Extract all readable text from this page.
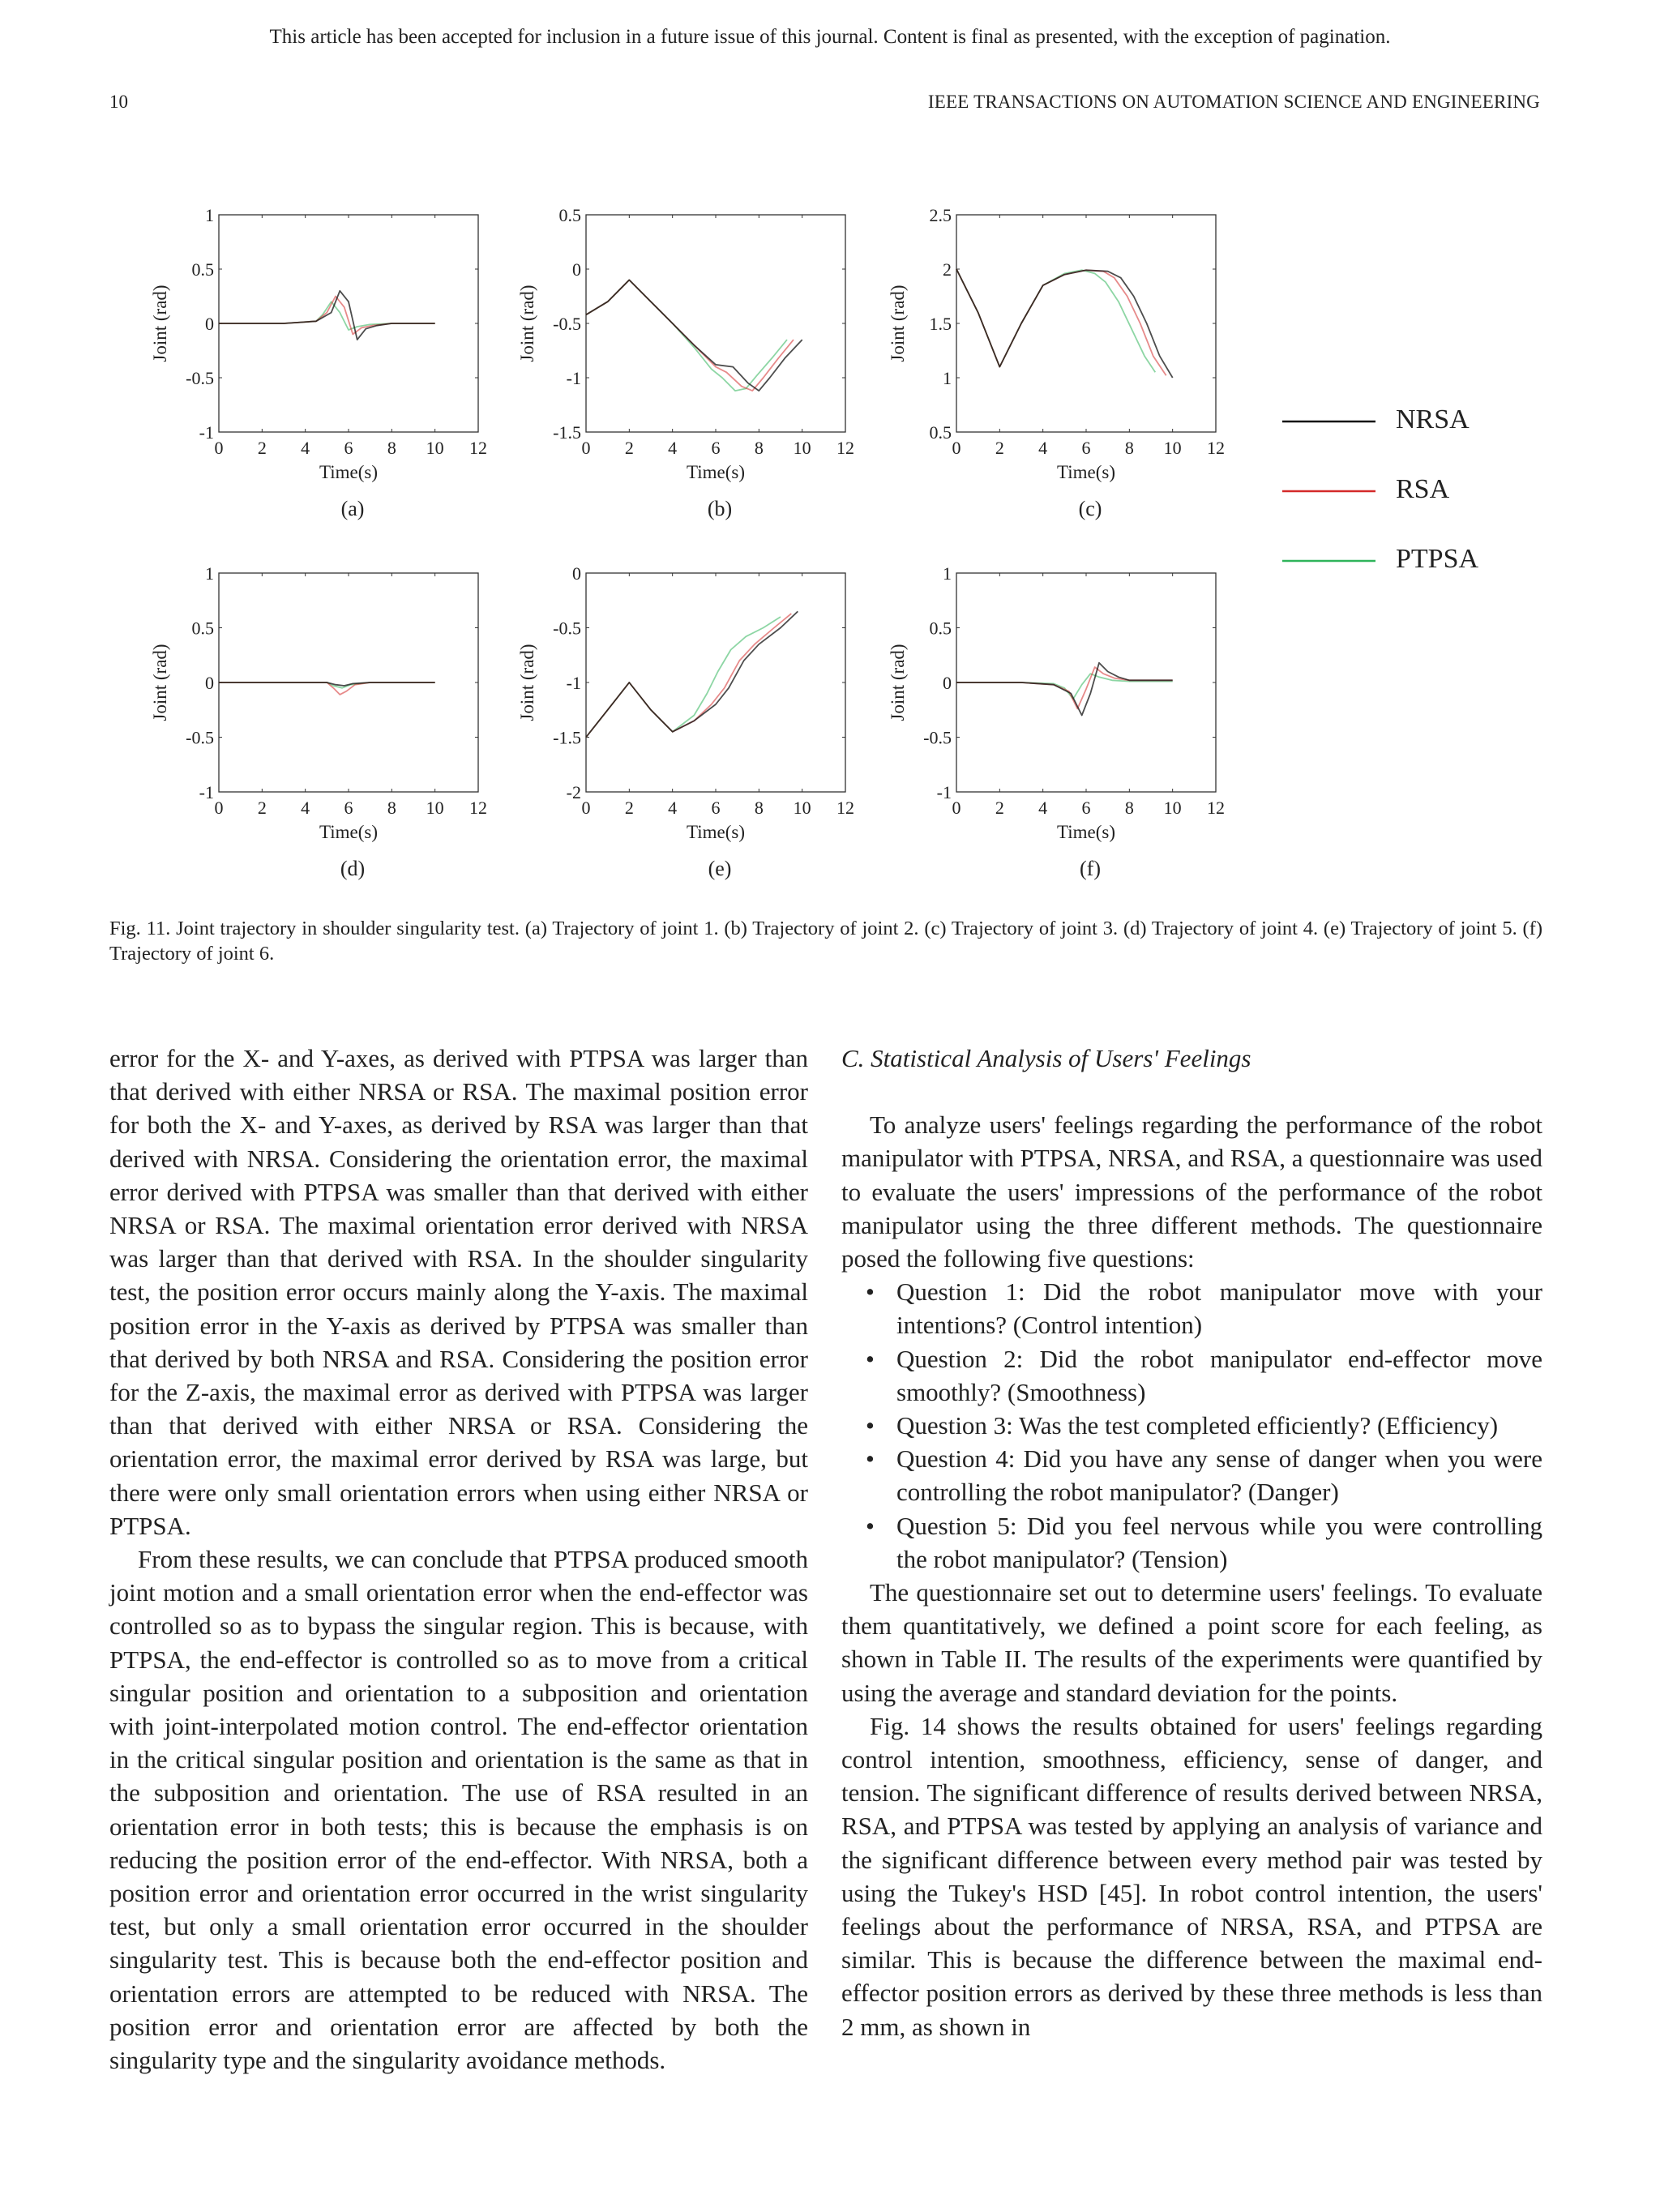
This article has been accepted for inclusion in a future issue of this journal. Content is final as presented, with the exception of pagination.
10	IEEE TRANSACTIONS ON AUTOMATION SCIENCE AND ENGINEERING
0 2 4 6 8 10 12
-1
-0.5
0
0.5
1
Time(s)
Joint (rad)
(a)
0 2 4 6 8 10 12
-1.5
-1
-0.5
0
0.5
Time(s)
Joint (rad)
(b)
0 2 4 6 8 10 12
0.5
1
1.5
2
2.5
Time(s)
Joint (rad)
(c)
0 2 4 6 8 10 12
-1
-0.5
0
0.5
1
Time(s)
Joint (rad)
(d)
0 2 4 6 8 10 12
-2
-1.5
-1
-0.5
0
Time(s)
Joint (rad)
(e)
0 2 4 6 8 10 12
-1
-0.5
0
0.5
1
Time(s)
Joint (rad)
(f)
NRSA
RSA
PTPSA
Fig. 11. Joint trajectory in shoulder singularity test. (a) Trajectory of joint 1. (b) Trajectory of joint 2. (c) Trajectory of joint 3. (d) Trajectory of joint 4. (e) Trajectory of joint 5. (f) Trajectory of joint 6.

error for the X- and Y-axes, as derived with PTPSA was larger than that derived with either NRSA or RSA. The maximal position error for both the X- and Y-axes, as derived by RSA was larger than that derived with NRSA. Considering the orientation error, the maximal error derived with PTPSA was smaller than that derived with either NRSA or RSA. The maximal orientation error derived with NRSA was larger than that derived with RSA. In the shoulder singularity test, the position error occurs mainly along the Y-axis. The maximal position error in the Y-axis as derived by PTPSA was smaller than that derived by both NRSA and RSA. Considering the position error for the Z-axis, the maximal error as derived with PTPSA was larger than that derived with either NRSA or RSA. Considering the orientation error, the maximal error derived by RSA was large, but there were only small orientation errors when using either NRSA or PTPSA.

From these results, we can conclude that PTPSA produced smooth joint motion and a small orientation error when the end-effector was controlled so as to bypass the singular region. This is because, with PTPSA, the end-effector is controlled so as to move from a critical singular position and orientation to a subposition and orientation with joint-interpolated motion control. The end-effector orientation in the critical singular position and orientation is the same as that in the subposition and orientation. The use of RSA resulted in an orientation error in both tests; this is because the emphasis is on reducing the position error of the end-effector. With NRSA, both a position error and orientation error occurred in the wrist singularity test, but only a small orientation error occurred in the shoulder singularity test. This is because both the end-effector position and orientation errors are attempted to be reduced with NRSA. The position error and orientation error are affected by both the singularity type and the singularity avoidance methods.

C. Statistical Analysis of Users' Feelings

To analyze users' feelings regarding the performance of the robot manipulator with PTPSA, NRSA, and RSA, a questionnaire was used to evaluate the users' impressions of the performance of the robot manipulator using the three different methods. The questionnaire posed the following five questions:

• Question 1: Did the robot manipulator move with your intentions? (Control intention)
• Question 2: Did the robot manipulator end-effector move smoothly? (Smoothness)
• Question 3: Was the test completed efficiently? (Efficiency)
• Question 4: Did you have any sense of danger when you were controlling the robot manipulator? (Danger)
• Question 5: Did you feel nervous while you were controlling the robot manipulator? (Tension)

The questionnaire set out to determine users' feelings. To evaluate them quantitatively, we defined a point score for each feeling, as shown in Table II. The results of the experiments were quantified by using the average and standard deviation for the points.

Fig. 14 shows the results obtained for users' feelings regarding control intention, smoothness, efficiency, sense of danger, and tension. The significant difference of results derived between NRSA, RSA, and PTPSA was tested by applying an analysis of variance and the significant difference between every method pair was tested by using the Tukey's HSD [45]. In robot control intention, the users' feelings about the performance of NRSA, RSA, and PTPSA are similar. This is because the difference between the maximal end-effector position errors as derived by these three methods is less than 2 mm, as shown in
